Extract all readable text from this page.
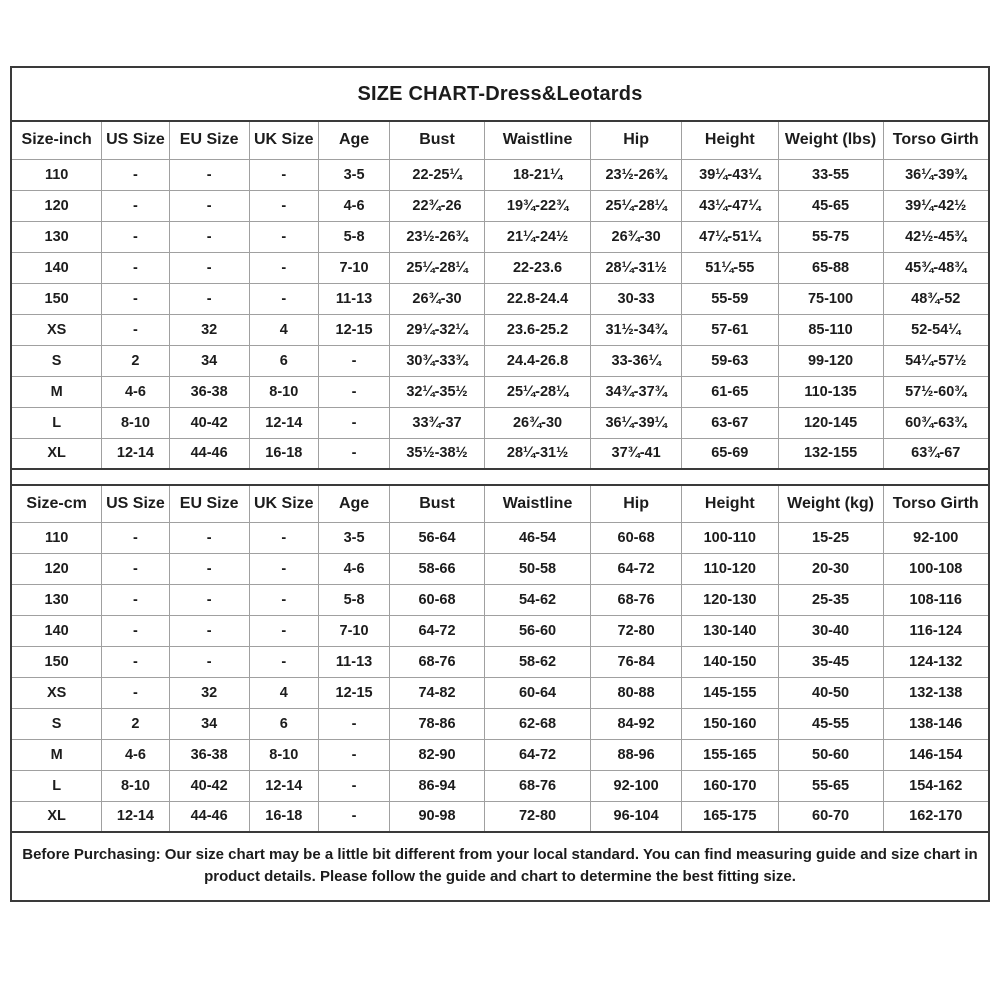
SIZE CHART-Dress&Leotards
Size-inch	US Size	EU Size	UK Size	Age	Bust	Waistline	Hip	Height	Weight (lbs)	Torso Girth
110	-	-	-	3-5	22-25¼	18-21¼	23½-26¾	39¼-43¼	33-55	36¼-39¾
120	-	-	-	4-6	22¾-26	19¾-22¾	25¼-28¼	43¼-47¼	45-65	39¼-42½
130	-	-	-	5-8	23½-26¾	21¼-24½	26¾-30	47¼-51¼	55-75	42½-45¾
140	-	-	-	7-10	25¼-28¼	22-23.6	28¼-31½	51¼-55	65-88	45¾-48¾
150	-	-	-	11-13	26¾-30	22.8-24.4	30-33	55-59	75-100	48¾-52
XS	-	32	4	12-15	29¼-32¼	23.6-25.2	31½-34¾	57-61	85-110	52-54¼
S	2	34	6	-	30¾-33¾	24.4-26.8	33-36¼	59-63	99-120	54¼-57½
M	4-6	36-38	8-10	-	32¼-35½	25¼-28¼	34¾-37¾	61-65	110-135	57½-60¾
L	8-10	40-42	12-14	-	33¾-37	26¾-30	36¼-39¼	63-67	120-145	60¾-63¾
XL	12-14	44-46	16-18	-	35½-38½	28¼-31½	37¾-41	65-69	132-155	63¾-67
Size-cm	US Size	EU Size	UK Size	Age	Bust	Waistline	Hip	Height	Weight (kg)	Torso Girth
110	-	-	-	3-5	56-64	46-54	60-68	100-110	15-25	92-100
120	-	-	-	4-6	58-66	50-58	64-72	110-120	20-30	100-108
130	-	-	-	5-8	60-68	54-62	68-76	120-130	25-35	108-116
140	-	-	-	7-10	64-72	56-60	72-80	130-140	30-40	116-124
150	-	-	-	11-13	68-76	58-62	76-84	140-150	35-45	124-132
XS	-	32	4	12-15	74-82	60-64	80-88	145-155	40-50	132-138
S	2	34	6	-	78-86	62-68	84-92	150-160	45-55	138-146
M	4-6	36-38	8-10	-	82-90	64-72	88-96	155-165	50-60	146-154
L	8-10	40-42	12-14	-	86-94	68-76	92-100	160-170	55-65	154-162
XL	12-14	44-46	16-18	-	90-98	72-80	96-104	165-175	60-70	162-170
Before Purchasing: Our size chart may be a little bit different from your local standard. You can find measuring guide and size chart in product details. Please follow the guide and chart to determine the best fitting size.
